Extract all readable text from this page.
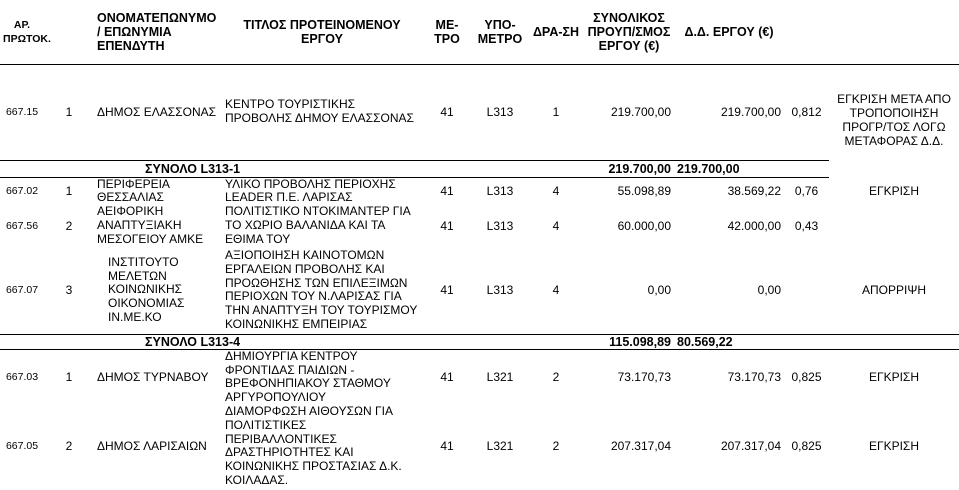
ΑΡ. ΠΡΩΤΟΚ.		ΟΝΟΜΑΤΕΠΩΝΥΜΟ / ΕΠΩΝΥΜΙΑ ΕΠΕΝΔΥΤΗ	ΤΙΤΛΟΣ ΠΡΟΤΕΙΝΟΜΕΝΟΥ ΕΡΓΟΥ	ΜΕ-ΤΡΟ	ΥΠΟ-ΜΕΤΡΟ	ΔΡΑ-ΣΗ	ΣΥΝΟΛΙΚΟΣ ΠΡΟΥΠ/ΣΜΟΣ ΕΡΓΟΥ (€)	Δ.Δ. ΕΡΓΟΥ (€)		
667.15	1	ΔΗΜΟΣ ΕΛΑΣΣΟΝΑΣ	ΚΕΝΤΡΟ ΤΟΥΡΙΣΤΙΚΗΣ ΠΡΟΒΟΛΗΣ ΔΗΜΟΥ ΕΛΑΣΣΟΝΑΣ	41	L313	1	219.700,00	219.700,00	0,812	ΕΓΚΡΙΣΗ ΜΕΤΑ ΑΠΟ ΤΡΟΠΟΠΟΙΗΣΗ ΠΡΟΓΡ/ΤΟΣ ΛΟΓΩ ΜΕΤΑΦΟΡΑΣ Δ.Δ.
ΣΥΝΟΛΟ L313-1							219.700,00	219.700,00		
667.02	1	ΠΕΡΙΦΕΡΕΙΑ ΘΕΣΣΑΛΙΑΣ	ΥΛΙΚΟ ΠΡΟΒΟΛΗΣ ΠΕΡΙΟΧΗΣ LEADER Π.Ε. ΛΑΡΙΣΑΣ	41	L313	4	55.098,89	38.569,22	0,76	ΕΓΚΡΙΣΗ
667.56	2	ΑΕΙΦΟΡΙΚΗ ΑΝΑΠΤΥΞΙΑΚΗ ΜΕΣΟΓΕΙΟΥ ΑΜΚΕ	ΠΟΛΙΤΙΣΤΙΚΟ ΝΤΟΚΙΜΑΝΤΕΡ ΓΙΑ ΤΟ ΧΩΡΙΟ ΒΑΛΑΝΙΔΑ ΚΑΙ ΤΑ ΕΘΙΜΑ ΤΟΥ	41	L313	4	60.000,00	42.000,00	0,43	
667.07	3	ΙΝΣΤΙΤΟΥΤΟ ΜΕΛΕΤΩΝ ΚΟΙΝΩΝΙΚΗΣ ΟΙΚΟΝΟΜΙΑΣ ΙΝ.ΜΕ.ΚΟ	ΑΞΙΟΠΟΙΗΣΗ ΚΑΙΝΟΤΟΜΩΝ ΕΡΓΑΛΕΙΩΝ ΠΡΟΒΟΛΗΣ ΚΑΙ ΠΡΟΩΘΗΣΗΣ ΤΩΝ ΕΠΙΛΕΞΙΜΩΝ ΠΕΡΙΟΧΩΝ ΤΟΥ Ν.ΛΑΡΙΣΑΣ ΓΙΑ ΤΗΝ ΑΝΑΠΤΥΞΗ ΤΟΥ ΤΟΥΡΙΣΜΟΥ ΚΟΙΝΩΝΙΚΗΣ ΕΜΠΕΙΡΙΑΣ	41	L313	4	0,00	0,00		ΑΠΟΡΡΙΨΗ
ΣΥΝΟΛΟ L313-4							115.098,89	80.569,22		
667.03	1	ΔΗΜΟΣ ΤΥΡΝΑΒΟΥ	ΔΗΜΙΟΥΡΓΙΑ ΚΕΝΤΡΟΥ ΦΡΟΝΤΙΔΑΣ ΠΑΙΔΙΩΝ - ΒΡΕΦΟΝΗΠΙΑΚΟΥ ΣΤΑΘΜΟΥ ΑΡΓΥΡΟΠΟΥΛΙΟΥ	41	L321	2	73.170,73	73.170,73	0,825	ΕΓΚΡΙΣΗ
667.05	2	ΔΗΜΟΣ ΛΑΡΙΣΑΙΩΝ	ΔΙΑΜΟΡΦΩΣΗ ΑΙΘΟΥΣΩΝ ΓΙΑ ΠΟΛΙΤΙΣΤΙΚΕΣ ΠΕΡΙΒΑΛΛΟΝΤΙΚΕΣ ΔΡΑΣΤΗΡΙΟΤΗΤΕΣ ΚΑΙ ΚΟΙΝΩΝΙΚΗΣ ΠΡΟΣΤΑΣΙΑΣ Δ.Κ. ΚΟΙΛΑΔΑΣ.	41	L321	2	207.317,04	207.317,04	0,825	ΕΓΚΡΙΣΗ
